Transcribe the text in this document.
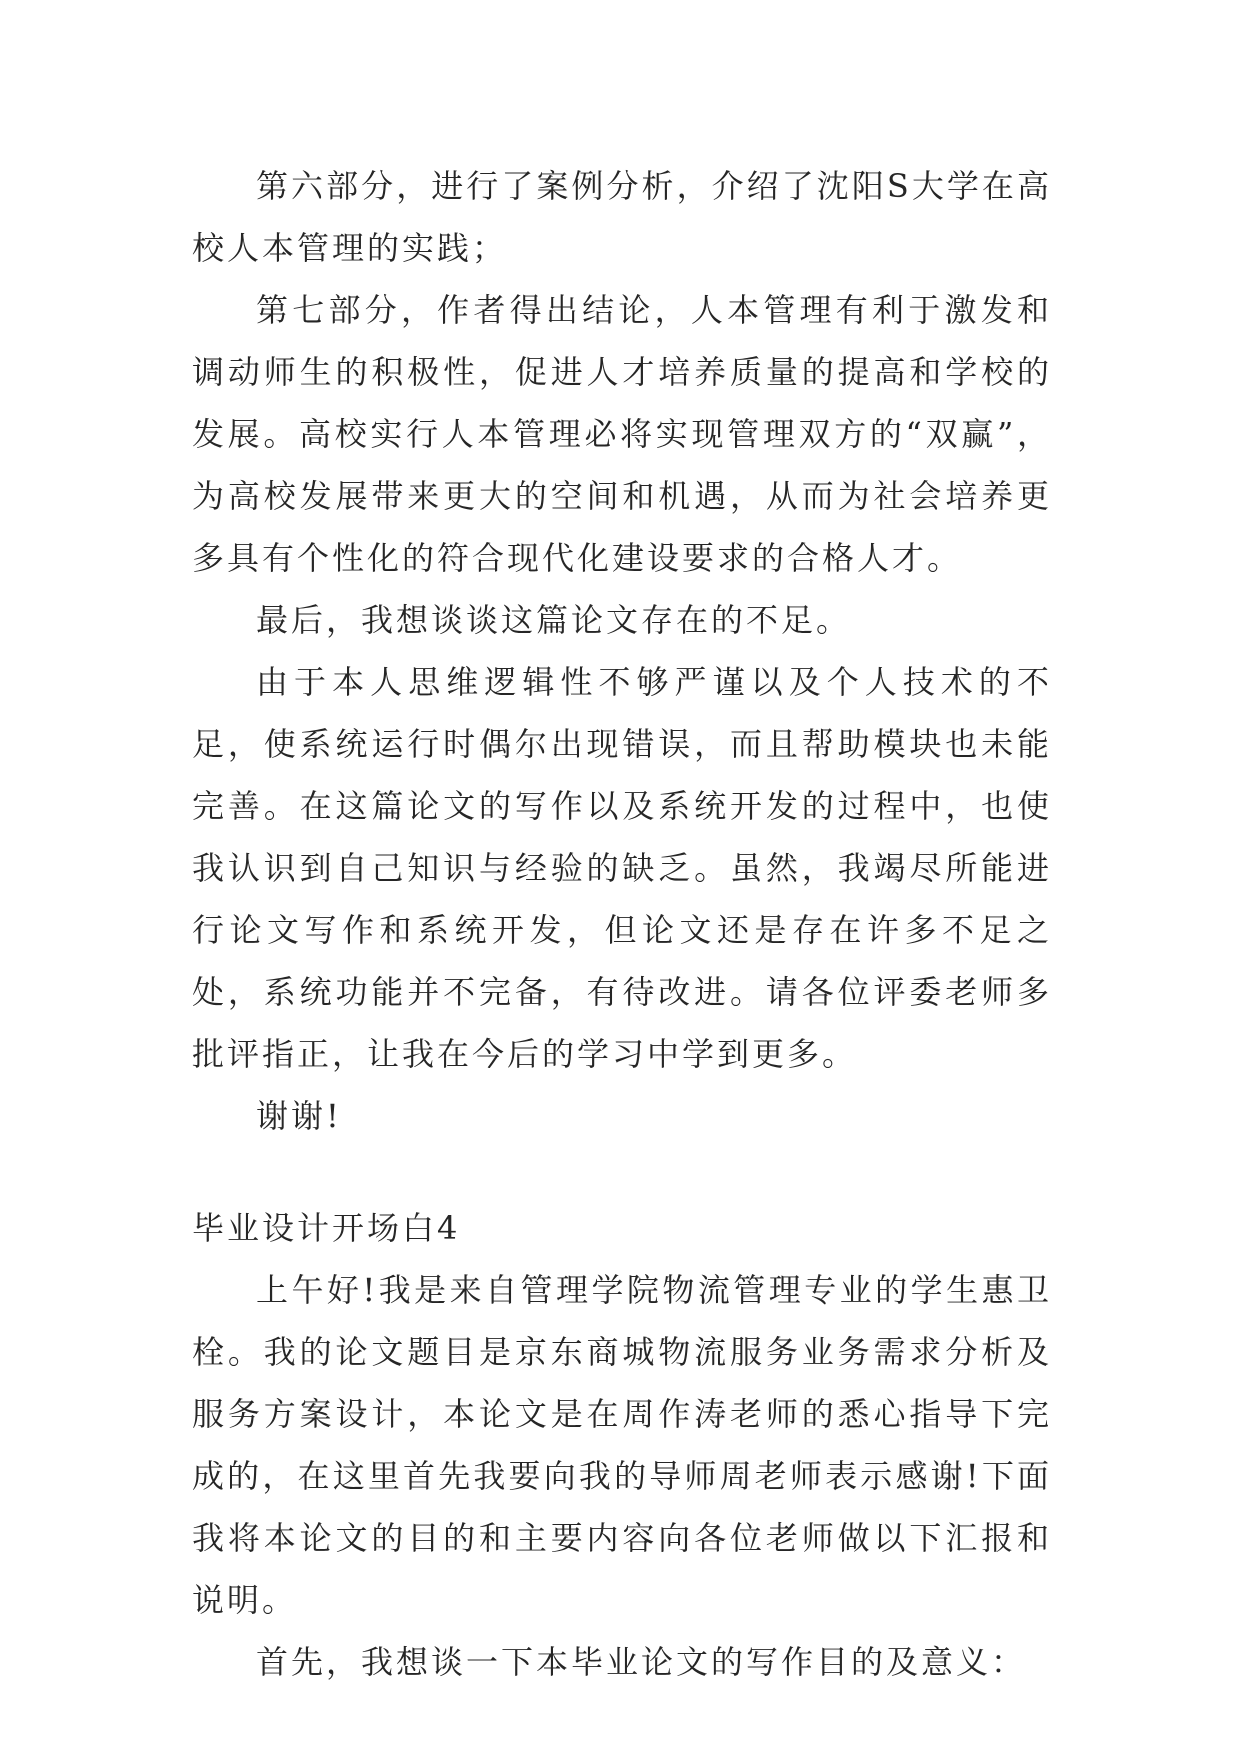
第六部分，进行了案例分析，介绍了沈阳S大学在高校人本管理的实践；

第七部分，作者得出结论，人本管理有利于激发和调动师生的积极性，促进人才培养质量的提高和学校的发展。高校实行人本管理必将实现管理双方的“双赢”，为高校发展带来更大的空间和机遇，从而为社会培养更多具有个性化的符合现代化建设要求的合格人才。

最后，我想谈谈这篇论文存在的不足。

由于本人思维逻辑性不够严谨以及个人技术的不足，使系统运行时偶尔出现错误，而且帮助模块也未能完善。在这篇论文的写作以及系统开发的过程中，也使我认识到自己知识与经验的缺乏。虽然，我竭尽所能进行论文写作和系统开发，但论文还是存在许多不足之处，系统功能并不完备，有待改进。请各位评委老师多批评指正，让我在今后的学习中学到更多。

谢谢!

毕业设计开场白4

上午好!我是来自管理学院物流管理专业的学生惠卫栓。我的论文题目是京东商城物流服务业务需求分析及服务方案设计，本论文是在周作涛老师的悉心指导下完成的，在这里首先我要向我的导师周老师表示感谢!下面我将本论文的目的和主要内容向各位老师做以下汇报和说明。

首先，我想谈一下本毕业论文的写作目的及意义：
